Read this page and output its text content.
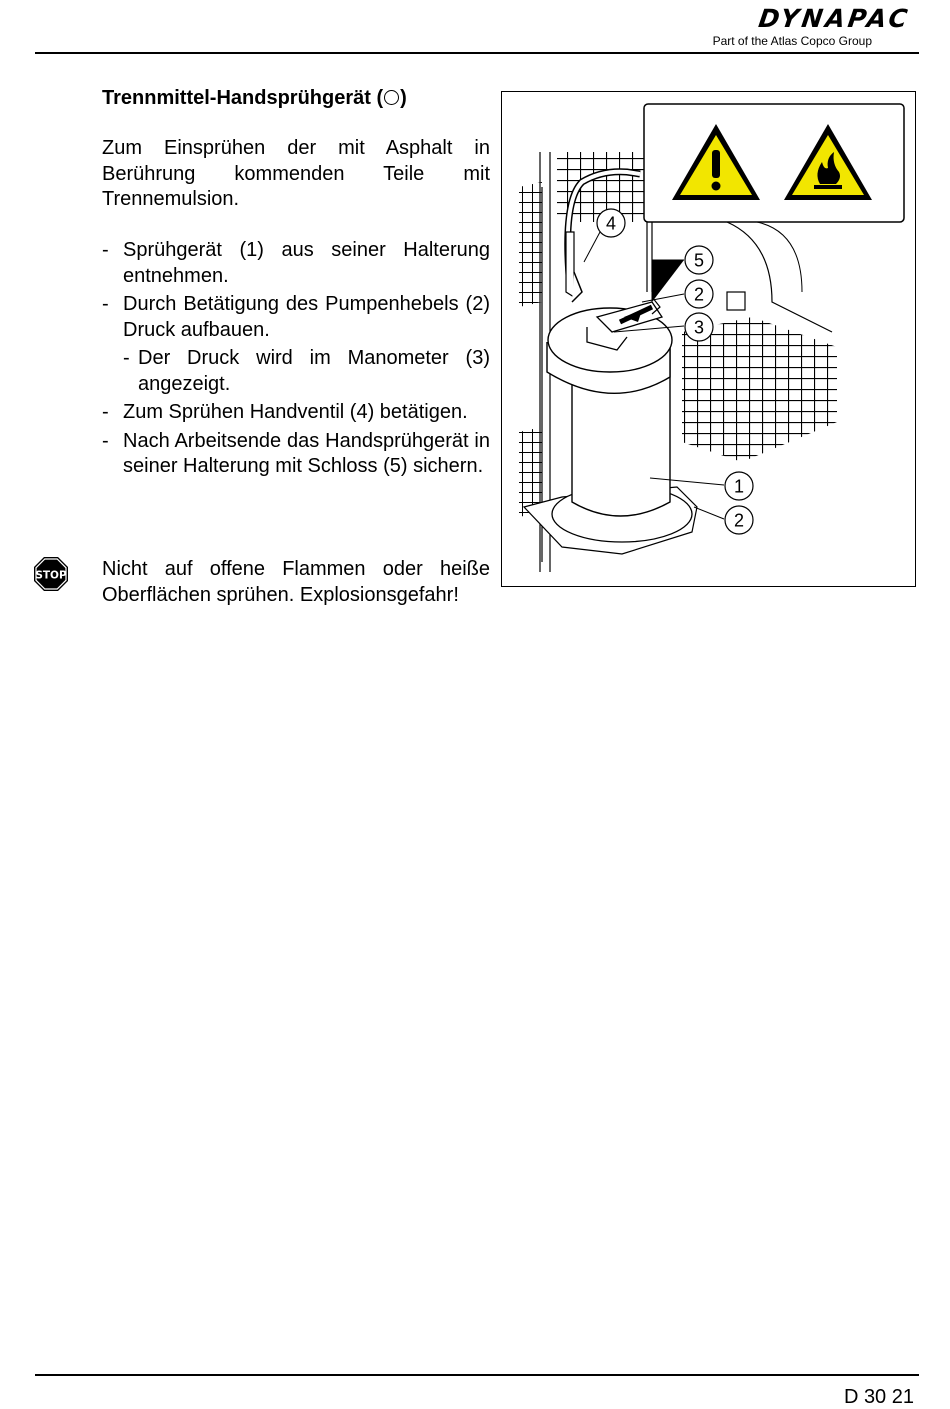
DYNAPAC
Part of the Atlas Copco Group
Trennmittel-Handsprühgerät ( )
Zum Einsprühen der mit Asphalt in Berührung kommenden Teile mit Trennemulsion.
- Sprühgerät (1) aus seiner Halterung entnehmen.
- Durch Betätigung des Pumpenhebels (2) Druck aufbauen.
- Der Druck wird im Manometer (3) angezeigt.
- Zum Sprühen Handventil (4) betätigen.
- Nach Arbeitsende das Handsprühgerät in seiner Halterung mit Schloss (5) sichern.
STOP Nicht auf offene Flammen oder heiße Oberflächen sprühen. Explosionsgefahr!
4
5
2
3
1
2
D 30 21
